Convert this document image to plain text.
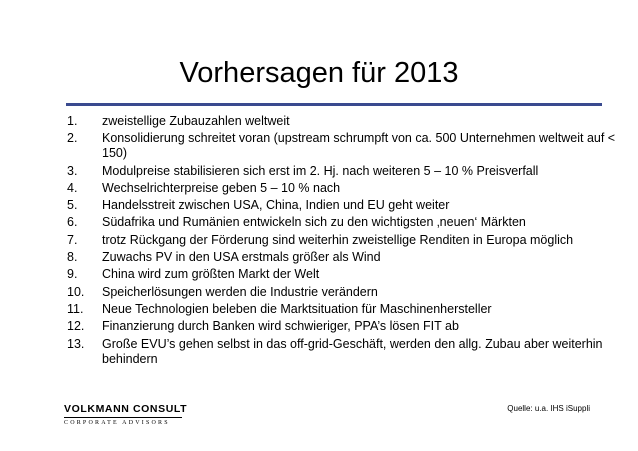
Vorhersagen für 2013
1.	zweistellige Zubauzahlen weltweit
2.	Konsolidierung schreitet voran (upstream schrumpft von ca. 500 Unternehmen weltweit auf < 150)
3.	Modulpreise stabilisieren sich erst im 2. Hj. nach weiteren 5 – 10 % Preisverfall
4.	Wechselrichterpreise geben 5 – 10 % nach
5.	Handelsstreit zwischen USA, China, Indien und EU geht weiter
6.	Südafrika und Rumänien entwickeln sich zu den wichtigsten ‚neuen‘ Märkten
7.	trotz Rückgang der Förderung sind weiterhin zweistellige Renditen in Europa möglich
8.	Zuwachs PV in den USA erstmals größer als Wind
9.	China wird zum größten Markt der Welt
10.	Speicherlösungen werden die Industrie verändern
11.	Neue Technologien beleben die Marktsituation für Maschinenhersteller
12.	Finanzierung durch Banken wird schwieriger, PPA’s lösen FIT ab
13.	Große EVU’s gehen selbst in das off-grid-Geschäft, werden den allg. Zubau aber weiterhin behindern
VOLKMANN CONSULT
CORPORATE ADVISORS
Quelle: u.a. IHS iSuppli
